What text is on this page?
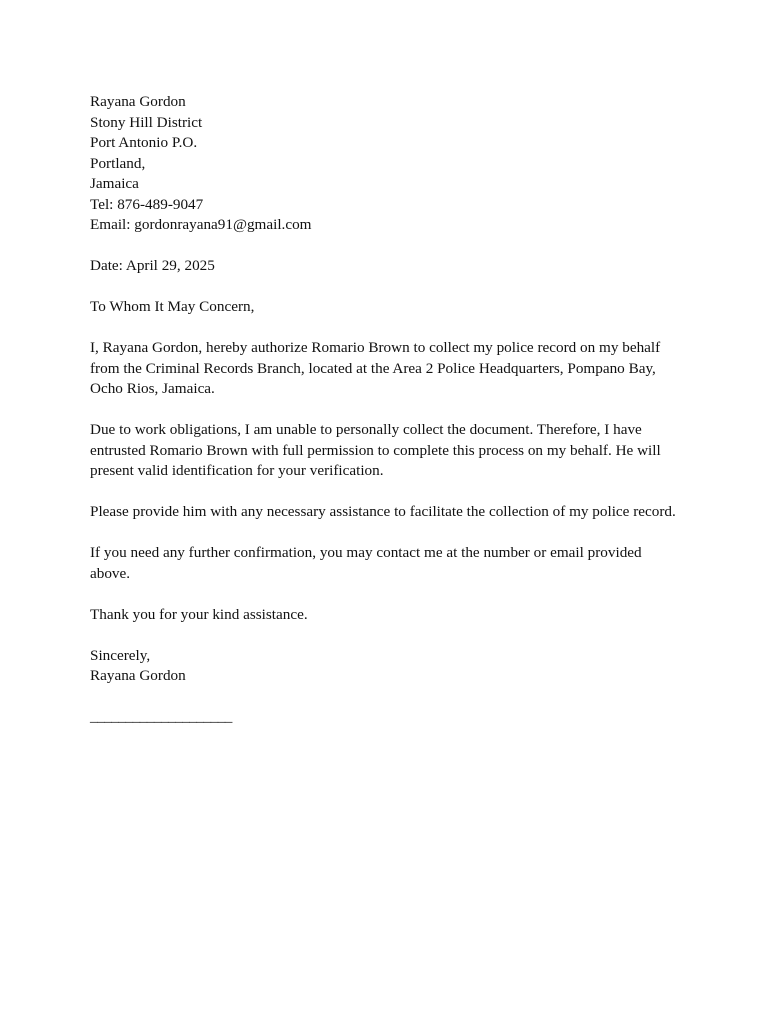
Rayana Gordon
Stony Hill District
Port Antonio P.O.
Portland,
Jamaica
Tel: 876-489-9047
Email: gordonrayana91@gmail.com
Date: April 29, 2025
To Whom It May Concern,
I, Rayana Gordon, hereby authorize Romario Brown to collect my police record on my behalf
from the Criminal Records Branch, located at the Area 2 Police Headquarters, Pompano Bay,
Ocho Rios, Jamaica.
Due to work obligations, I am unable to personally collect the document. Therefore, I have
entrusted Romario Brown with full permission to complete this process on my behalf. He will
present valid identification for your verification.
Please provide him with any necessary assistance to facilitate the collection of my police record.
If you need any further confirmation, you may contact me at the number or email provided
above.
Thank you for your kind assistance.
Sincerely,
Rayana Gordon
____________________
